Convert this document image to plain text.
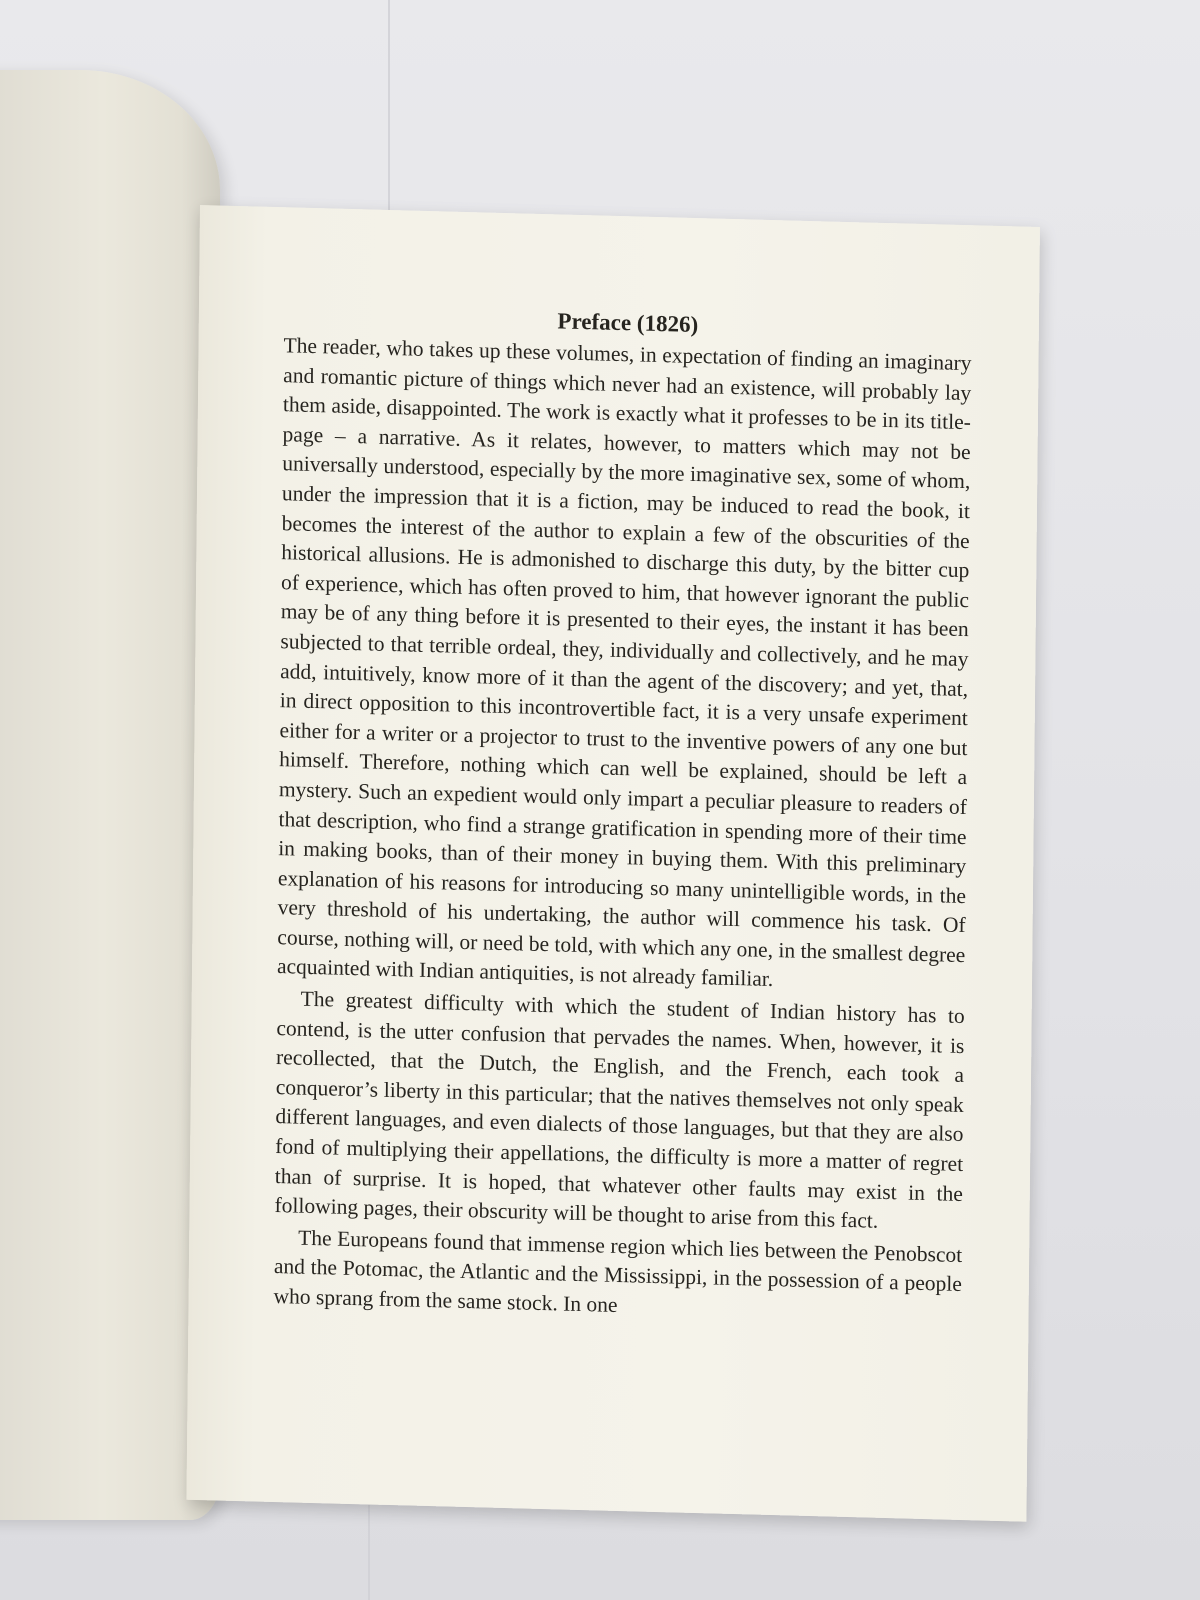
Preface (1826)

The reader, who takes up these volumes, in expectation of finding an imaginary and romantic picture of things which never had an existence, will probably lay them aside, disappointed. The work is exactly what it professes to be in its title-page – a narrative. As it relates, however, to matters which may not be universally understood, especially by the more imaginative sex, some of whom, under the impression that it is a fiction, may be induced to read the book, it becomes the interest of the author to explain a few of the obscurities of the historical allusions. He is admonished to discharge this duty, by the bitter cup of experience, which has often proved to him, that however ignorant the public may be of any thing before it is presented to their eyes, the instant it has been subjected to that terrible ordeal, they, individually and collectively, and he may add, intuitively, know more of it than the agent of the discovery; and yet, that, in direct opposition to this incontrovertible fact, it is a very unsafe experiment either for a writer or a projector to trust to the inventive powers of any one but himself. Therefore, nothing which can well be explained, should be left a mystery. Such an expedient would only impart a peculiar pleasure to readers of that description, who find a strange gratification in spending more of their time in making books, than of their money in buying them. With this preliminary explanation of his reasons for introducing so many unintelligible words, in the very threshold of his undertaking, the author will commence his task. Of course, nothing will, or need be told, with which any one, in the smallest degree acquainted with Indian antiquities, is not already familiar.

The greatest difficulty with which the student of Indian history has to contend, is the utter confusion that pervades the names. When, however, it is recollected, that the Dutch, the English, and the French, each took a conqueror’s liberty in this particular; that the natives themselves not only speak different languages, and even dialects of those languages, but that they are also fond of multiplying their appellations, the difficulty is more a matter of regret than of surprise. It is hoped, that whatever other faults may exist in the following pages, their obscurity will be thought to arise from this fact.

The Europeans found that immense region which lies between the Penobscot and the Potomac, the Atlantic and the Mississippi, in the possession of a people who sprang from the same stock. In one
